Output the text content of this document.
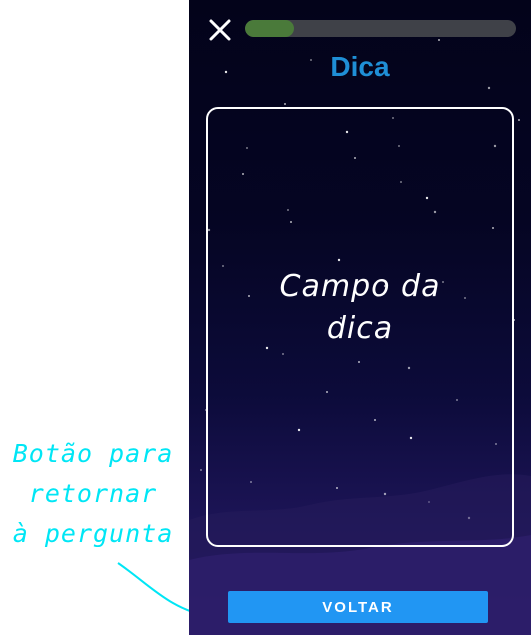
Botão para
retornar
à pergunta
Dica
Campo da dica
VOLTAR
